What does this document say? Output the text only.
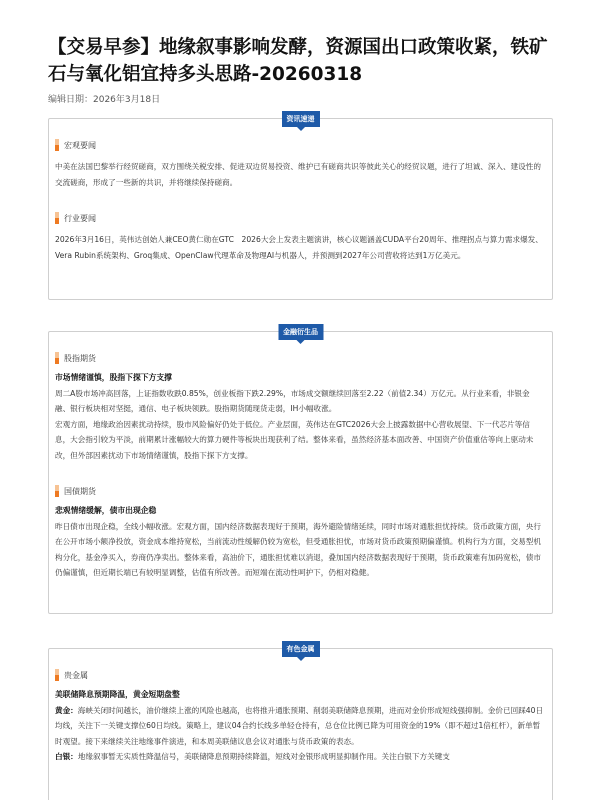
【交易早参】地缘叙事影响发酵，资源国出口政策收紧，铁矿石与氧化铝宜持多头思路-20260318
编辑日期：2026年3月18日
资讯速递
宏观要闻
中美在法国巴黎举行经贸磋商，双方围绕关税安排、促进双边贸易投资、维护已有磋商共识等彼此关心的经贸议题，进行了坦诚、深入、建设性的交流磋商，形成了一些新的共识，并将继续保持磋商。
行业要闻
2026年3月16日，英伟达创始人兼CEO黄仁勋在GTC　2026大会上发表主题演讲，核心议题涵盖CUDA平台20周年、推理拐点与算力需求爆发、Vera Rubin系统架构、Groq集成、OpenClaw代理革命及物理AI与机器人，并预测到2027年公司营收将达到1万亿美元。
金融衍生品
股指期货
市场情绪谨慎，股指下探下方支撑
周二A股市场冲高回落，上证指数收跌0.85%，创业板指下跌2.29%，市场成交额继续回落至2.22（前值2.34）万亿元。从行业来看，非银金融、银行板块相对坚挺，通信、电子板块领跌。股指期货随现货走弱，IH小幅收涨。
宏观方面，地缘政治因素扰动持续，股市风险偏好仍处于低位。产业层面，英伟达在GTC2026大会上披露数据中心营收展望、下一代芯片等信息，大会指引较为平淡，前期累计涨幅较大的算力硬件等板块出现获利了结。整体来看，虽然经济基本面改善、中国资产价值重估等向上驱动未改，但外部因素扰动下市场情绪谨慎，股指下探下方支撑。
国债期货
悲观情绪缓解，债市出现企稳
昨日债市出现企稳，全线小幅收涨。宏观方面，国内经济数据表现好于预期，海外避险情绪延续，同时市场对通胀担忧持续。货币政策方面，央行在公开市场小额净投放，资金成本维持宽松，当前流动性缓解仍较为宽松，但受通胀担忧，市场对货币政策预期偏谨慎。机构行为方面，交易型机构分化，基金净买入，券商仍净卖出。整体来看，高油价下，通胀担忧难以消退，叠加国内经济数据表现好于预期，货币政策难有加码宽松，债市仍偏谨慎，但近期长端已有较明显调整，估值有所改善。而短端在流动性呵护下，仍相对稳健。
有色金属
贵金属
美联储降息预期降温，黄金短期盘整
黄金：海峡关闭时间越长，油价继续上涨的风险也越高，也将推升通胀预期、削弱美联储降息预期，进而对金价形成短线强抑制。金价已回踩40日均线，关注下一关键支撑位60日均线。策略上，建议04合约长线多单轻仓持有，总仓位比例已降为可用资金的19%（即不超过1倍杠杆），新单暂时观望。接下来继续关注地缘事件演进，和本周美联储议息会议对通胀与货币政策的表态。
白银：地缘叙事暂无实质性降温信号，美联储降息预期持续降温，短线对金银形成明显抑制作用。关注白银下方关键支
